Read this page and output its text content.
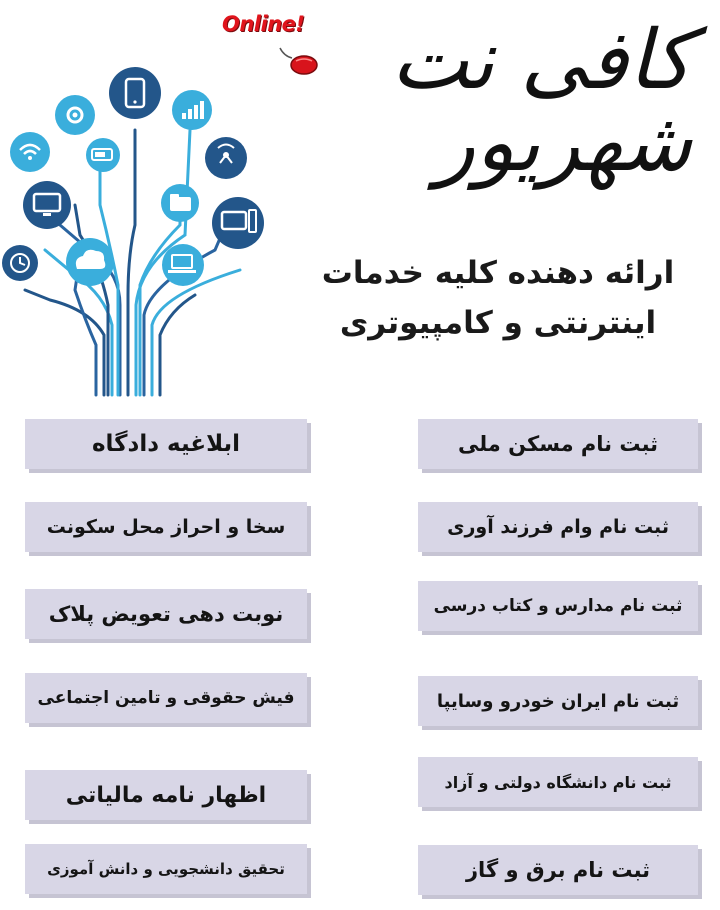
Online!	کافی نت شهریور
ارائه دهنده کلیه خدمات
اینترنتی و کامپیوتری
ابلاغیه دادگاه
سخا و احراز محل سکونت
نوبت دهی تعویض پلاک
فیش حقوقی و تامین اجتماعی
اظهار نامه مالیاتی
تحقیق دانشجویی و دانش آموزی
ثبت نام مسکن ملی
ثبت نام وام فرزند آوری
ثبت نام مدارس و کتاب درسی
ثبت نام ایران خودرو وسایپا
ثبت نام دانشگاه دولتی و آزاد
ثبت نام برق و گاز
